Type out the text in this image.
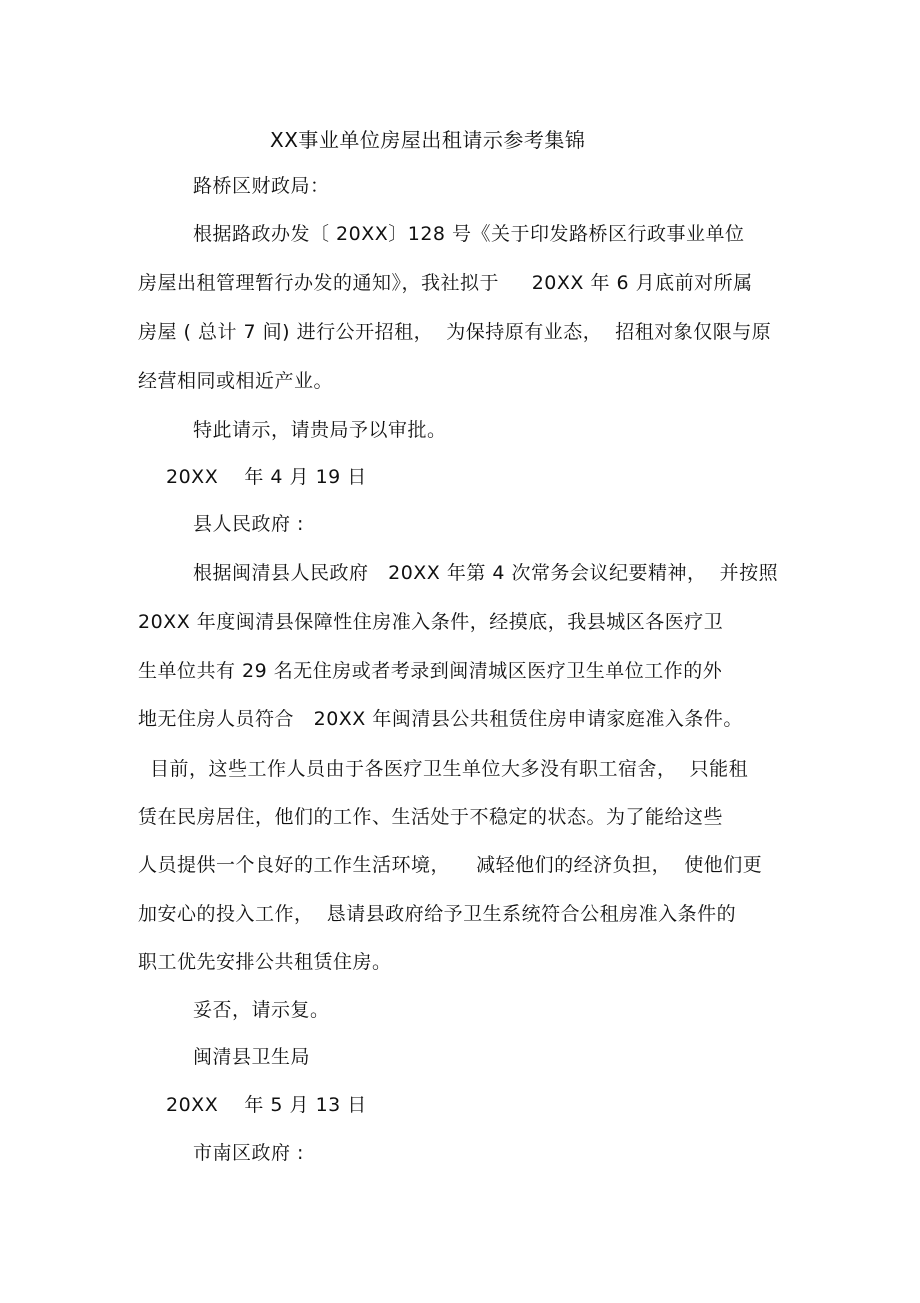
XX事业单位房屋出租请示参考集锦
路桥区财政局：
根据路政办发〔 20XX〕128 号《关于印发路桥区行政事业单位
房屋出租管理暂行办发的通知》，我社拟于     20XX 年 6 月底前对所属
房屋 ( 总计 7 间) 进行公开招租，  为保持原有业态，  招租对象仅限与原
经营相同或相近产业。
特此请示，请贵局予以审批。
20XX    年 4 月 19 日
县人民政府 :
根据闽清县人民政府   20XX 年第 4 次常务会议纪要精神，  并按照
20XX 年度闽清县保障性住房准入条件，经摸底，我县城区各医疗卫
生单位共有 29 名无住房或者考录到闽清城区医疗卫生单位工作的外
地无住房人员符合   20XX 年闽清县公共租赁住房申请家庭准入条件。
目前，这些工作人员由于各医疗卫生单位大多没有职工宿舍，  只能租
赁在民房居住，他们的工作、生活处于不稳定的状态。为了能给这些
人员提供一个良好的工作生活环境，    减轻他们的经济负担，  使他们更
加安心的投入工作，  恳请县政府给予卫生系统符合公租房准入条件的
职工优先安排公共租赁住房。
妥否，请示复。
闽清县卫生局
20XX    年 5 月 13 日
市南区政府 :
